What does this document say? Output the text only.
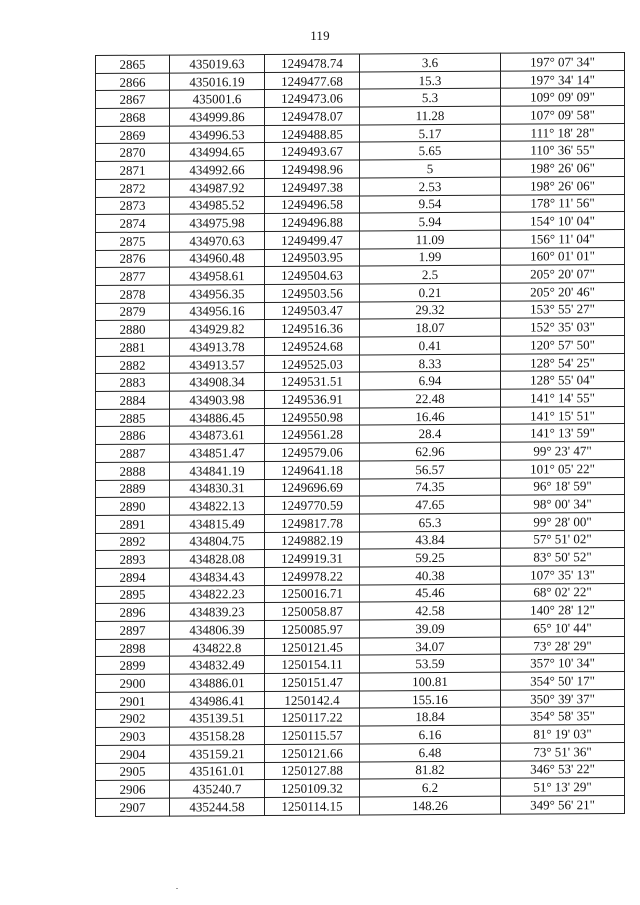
119
2865	435019.63	1249478.74	3.6	197° 07' 34"
2866	435016.19	1249477.68	15.3	197° 34' 14"
2867	435001.6	1249473.06	5.3	109° 09' 09"
2868	434999.86	1249478.07	11.28	107° 09' 58"
2869	434996.53	1249488.85	5.17	111° 18' 28"
2870	434994.65	1249493.67	5.65	110° 36' 55"
2871	434992.66	1249498.96	5	198° 26' 06"
2872	434987.92	1249497.38	2.53	198° 26' 06"
2873	434985.52	1249496.58	9.54	178° 11' 56"
2874	434975.98	1249496.88	5.94	154° 10' 04"
2875	434970.63	1249499.47	11.09	156° 11' 04"
2876	434960.48	1249503.95	1.99	160° 01' 01"
2877	434958.61	1249504.63	2.5	205° 20' 07"
2878	434956.35	1249503.56	0.21	205° 20' 46"
2879	434956.16	1249503.47	29.32	153° 55' 27"
2880	434929.82	1249516.36	18.07	152° 35' 03"
2881	434913.78	1249524.68	0.41	120° 57' 50"
2882	434913.57	1249525.03	8.33	128° 54' 25"
2883	434908.34	1249531.51	6.94	128° 55' 04"
2884	434903.98	1249536.91	22.48	141° 14' 55"
2885	434886.45	1249550.98	16.46	141° 15' 51"
2886	434873.61	1249561.28	28.4	141° 13' 59"
2887	434851.47	1249579.06	62.96	99° 23' 47"
2888	434841.19	1249641.18	56.57	101° 05' 22"
2889	434830.31	1249696.69	74.35	96° 18' 59"
2890	434822.13	1249770.59	47.65	98° 00' 34"
2891	434815.49	1249817.78	65.3	99° 28' 00"
2892	434804.75	1249882.19	43.84	57° 51' 02"
2893	434828.08	1249919.31	59.25	83° 50' 52"
2894	434834.43	1249978.22	40.38	107° 35' 13"
2895	434822.23	1250016.71	45.46	68° 02' 22"
2896	434839.23	1250058.87	42.58	140° 28' 12"
2897	434806.39	1250085.97	39.09	65° 10' 44"
2898	434822.8	1250121.45	34.07	73° 28' 29"
2899	434832.49	1250154.11	53.59	357° 10' 34"
2900	434886.01	1250151.47	100.81	354° 50' 17"
2901	434986.41	1250142.4	155.16	350° 39' 37"
2902	435139.51	1250117.22	18.84	354° 58' 35"
2903	435158.28	1250115.57	6.16	81° 19' 03"
2904	435159.21	1250121.66	6.48	73° 51' 36"
2905	435161.01	1250127.88	81.82	346° 53' 22"
2906	435240.7	1250109.32	6.2	51° 13' 29"
2907	435244.58	1250114.15	148.26	349° 56' 21"
